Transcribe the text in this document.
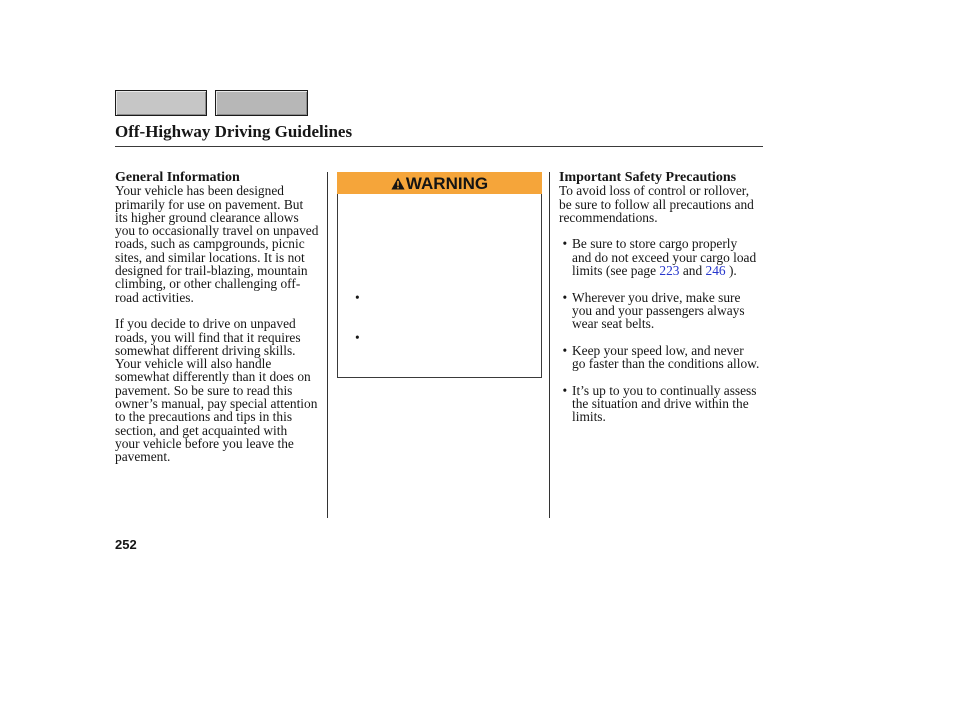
Off-Highway Driving Guidelines
General Information
Your vehicle has been designed
primarily for use on pavement. But
its higher ground clearance allows
you to occasionally travel on unpaved
roads, such as campgrounds, picnic
sites, and similar locations. It is not
designed for trail-blazing, mountain
climbing, or other challenging off-
road activities.
If you decide to drive on unpaved
roads, you will find that it requires
somewhat different driving skills.
Your vehicle will also handle
somewhat differently than it does on
pavement. So be sure to read this
owner’s manual, pay special attention
to the precautions and tips in this
section, and get acquainted with
your vehicle before you leave the
pavement.
WARNING
•
•	Important Safety Precautions
To avoid loss of control or rollover,
be sure to follow all precautions and
recommendations.
• Be sure to store cargo properly
and do not exceed your cargo load
limits (see page 223 and 246 ).
• Wherever you drive, make sure
you and your passengers always
wear seat belts.
• Keep your speed low, and never
go faster than the conditions allow.
• It’s up to you to continually assess
the situation and drive within the
limits.
252
